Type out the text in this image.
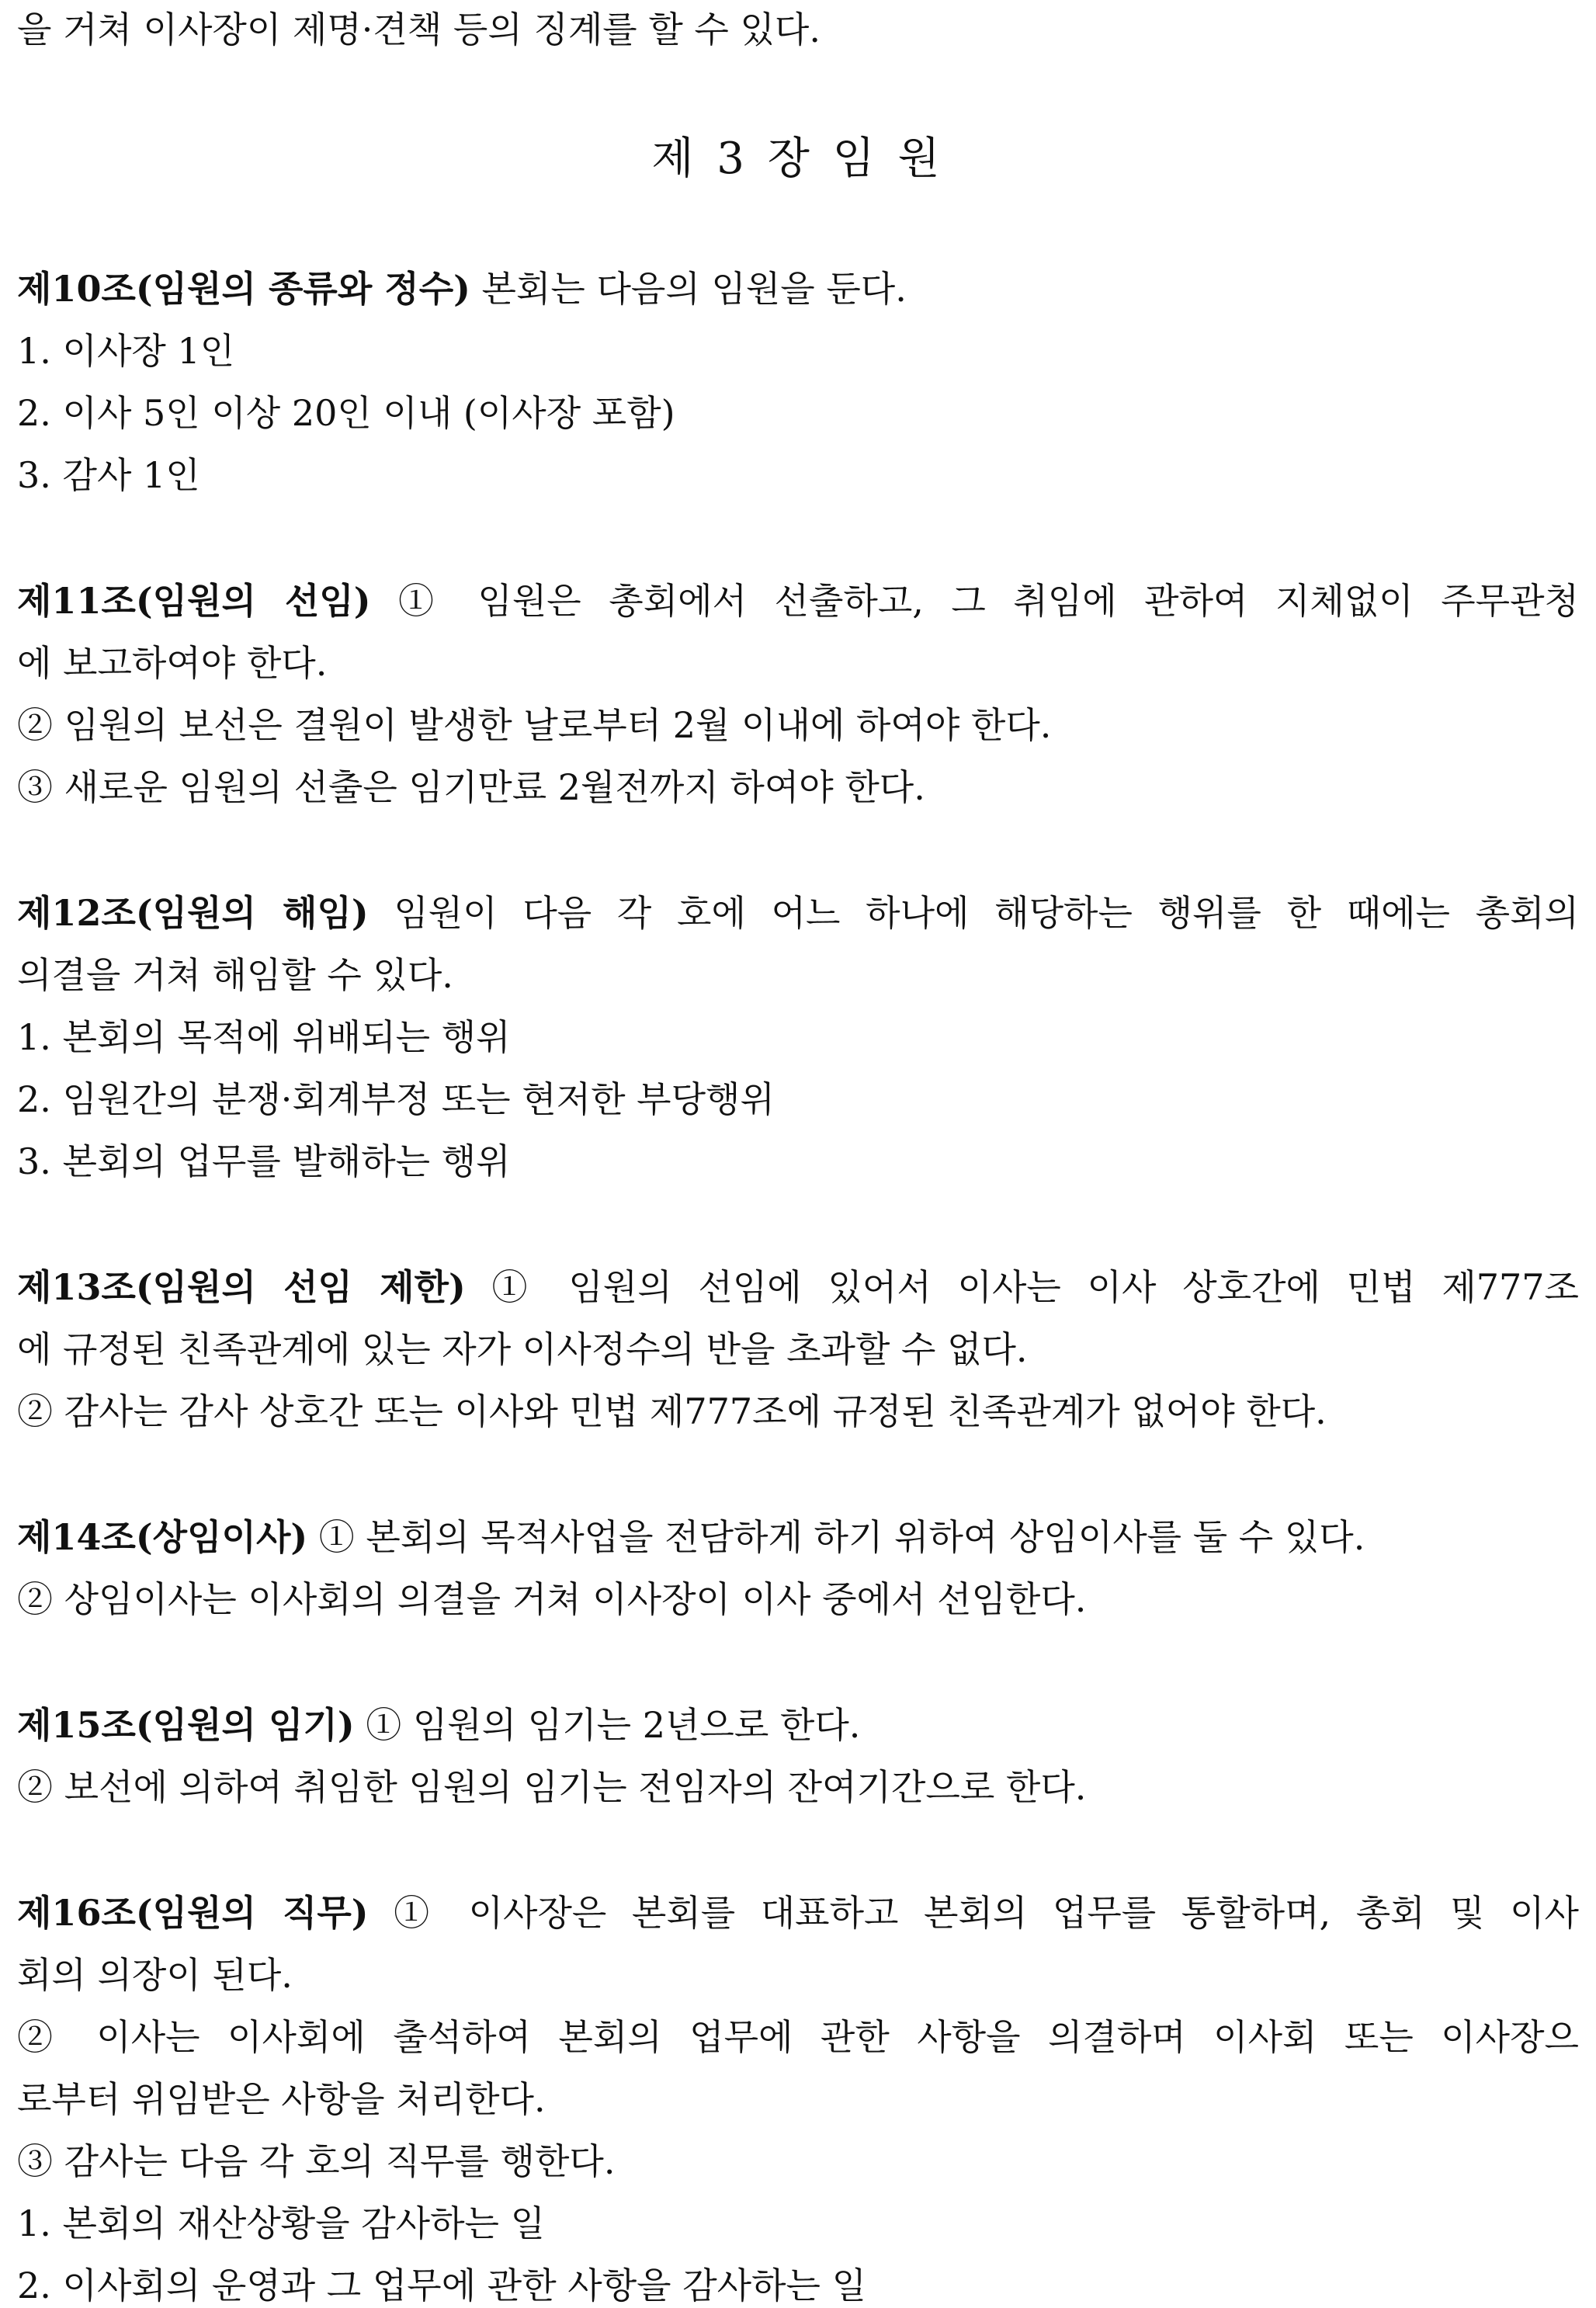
을 거쳐 이사장이 제명·견책 등의 징계를 할 수 있다.
제 3 장 임 원
제10조(임원의 종류와 정수) 본회는 다음의 임원을 둔다.
1. 이사장 1인
2. 이사 5인 이상 20인 이내 (이사장 포함)
3. 감사 1인
제11조(임원의 선임) ① 임원은 총회에서 선출하고, 그 취임에 관하여 지체없이 주무관청
에 보고하여야 한다.
② 임원의 보선은 결원이 발생한 날로부터 2월 이내에 하여야 한다.
③ 새로운 임원의 선출은 임기만료 2월전까지 하여야 한다.
제12조(임원의 해임) 임원이 다음 각 호에 어느 하나에 해당하는 행위를 한 때에는 총회의
의결을 거쳐 해임할 수 있다.
1. 본회의 목적에 위배되는 행위
2. 임원간의 분쟁·회계부정 또는 현저한 부당행위
3. 본회의 업무를 발해하는 행위
제13조(임원의 선임 제한) ① 임원의 선임에 있어서 이사는 이사 상호간에 민법 제777조
에 규정된 친족관계에 있는 자가 이사정수의 반을 초과할 수 없다.
② 감사는 감사 상호간 또는 이사와 민법 제777조에 규정된 친족관계가 없어야 한다.
제14조(상임이사) ① 본회의 목적사업을 전담하게 하기 위하여 상임이사를 둘 수 있다.
② 상임이사는 이사회의 의결을 거쳐 이사장이 이사 중에서 선임한다.
제15조(임원의 임기) ① 임원의 임기는 2년으로 한다.
② 보선에 의하여 취임한 임원의 임기는 전임자의 잔여기간으로 한다.
제16조(임원의 직무) ① 이사장은 본회를 대표하고 본회의 업무를 통할하며, 총회 및 이사
회의 의장이 된다.
② 이사는 이사회에 출석하여 본회의 업무에 관한 사항을 의결하며 이사회 또는 이사장으
로부터 위임받은 사항을 처리한다.
③ 감사는 다음 각 호의 직무를 행한다.
1. 본회의 재산상황을 감사하는 일
2. 이사회의 운영과 그 업무에 관한 사항을 감사하는 일
